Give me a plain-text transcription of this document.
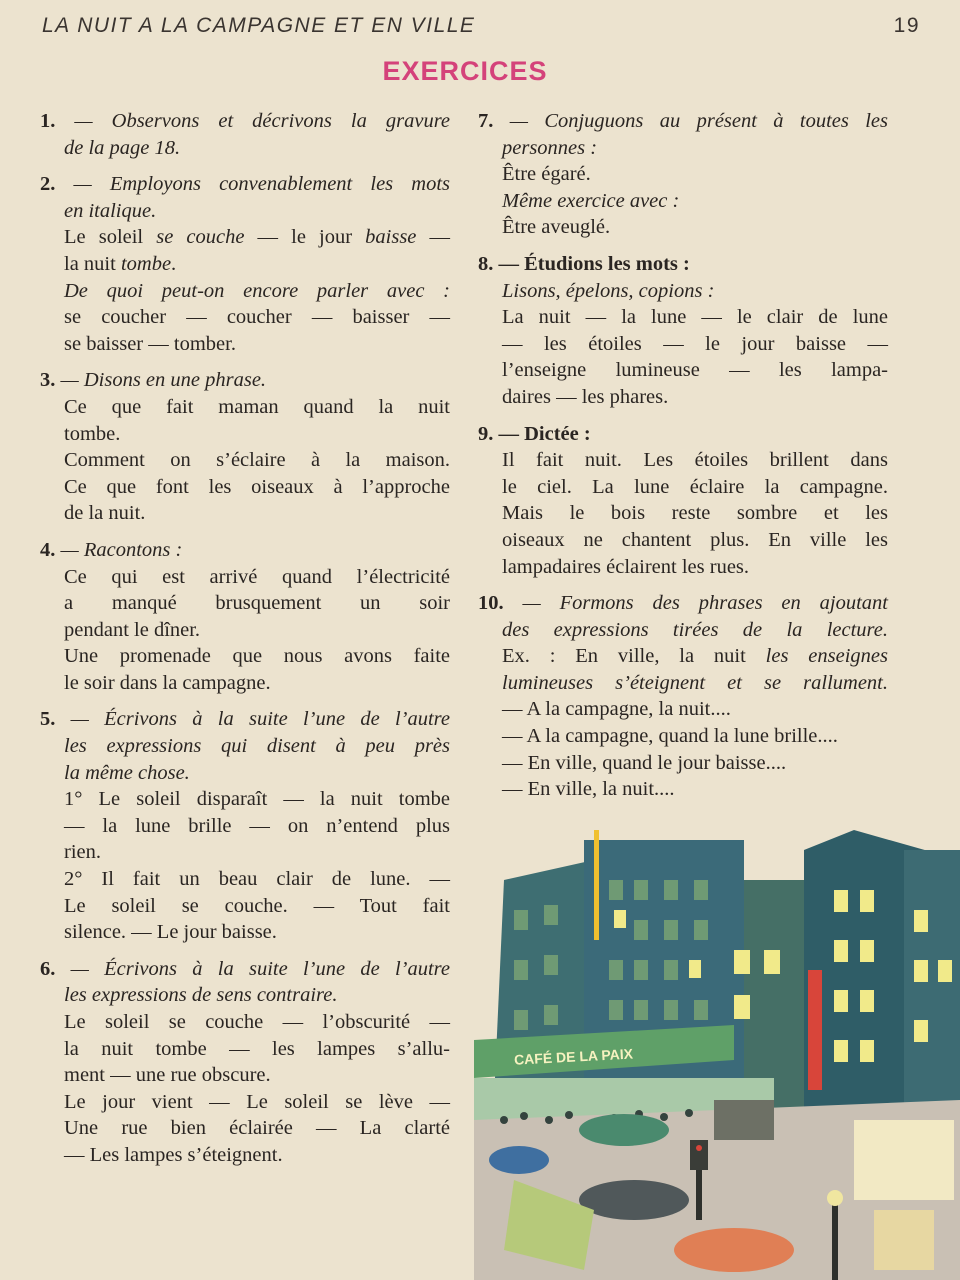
LA NUIT A LA CAMPAGNE ET EN VILLE	19
EXERCICES
1. — Observons et décrivons la gravure
de la page 18.
2. — Employons convenablement les mots
en italique.
Le soleil se couche — le jour baisse —
la nuit tombe.
De quoi peut-on encore parler avec :
se coucher — coucher — baisser —
se baisser — tomber.
3. — Disons en une phrase.
Ce que fait maman quand la nuit
tombe.
Comment on s’éclaire à la maison.
Ce que font les oiseaux à l’approche
de la nuit.
4. — Racontons :
Ce qui est arrivé quand l’électricité
a manqué brusquement un soir
pendant le dîner.
Une promenade que nous avons faite
le soir dans la campagne.
5. — Écrivons à la suite l’une de l’autre
les expressions qui disent à peu près
la même chose.
1° Le soleil disparaît — la nuit tombe
— la lune brille — on n’entend plus
rien.
2° Il fait un beau clair de lune. —
Le soleil se couche. — Tout fait
silence. — Le jour baisse.
6. — Écrivons à la suite l’une de l’autre
les expressions de sens contraire.
Le soleil se couche — l’obscurité —
la nuit tombe — les lampes s’allu-
ment — une rue obscure.
Le jour vient — Le soleil se lève —
Une rue bien éclairée — La clarté
— Les lampes s’éteignent.
7. — Conjuguons au présent à toutes les
personnes :
Être égaré.
Même exercice avec :
Être aveuglé.
8. — Étudions les mots :
Lisons, épelons, copions :
La nuit — la lune — le clair de lune
— les étoiles — le jour baisse —
l’enseigne lumineuse — les lampa-
daires — les phares.
9. — Dictée :
Il fait nuit. Les étoiles brillent dans
le ciel. La lune éclaire la campagne.
Mais le bois reste sombre et les
oiseaux ne chantent plus. En ville les
lampadaires éclairent les rues.
10. — Formons des phrases en ajoutant
des expressions tirées de la lecture.
Ex. : En ville, la nuit les enseignes
lumineuses s’éteignent et se rallument.
— A la campagne, la nuit....
— A la campagne, quand la lune brille....
— En ville, quand le jour baisse....
— En ville, la nuit....
CAFÉ DE LA PAIX
